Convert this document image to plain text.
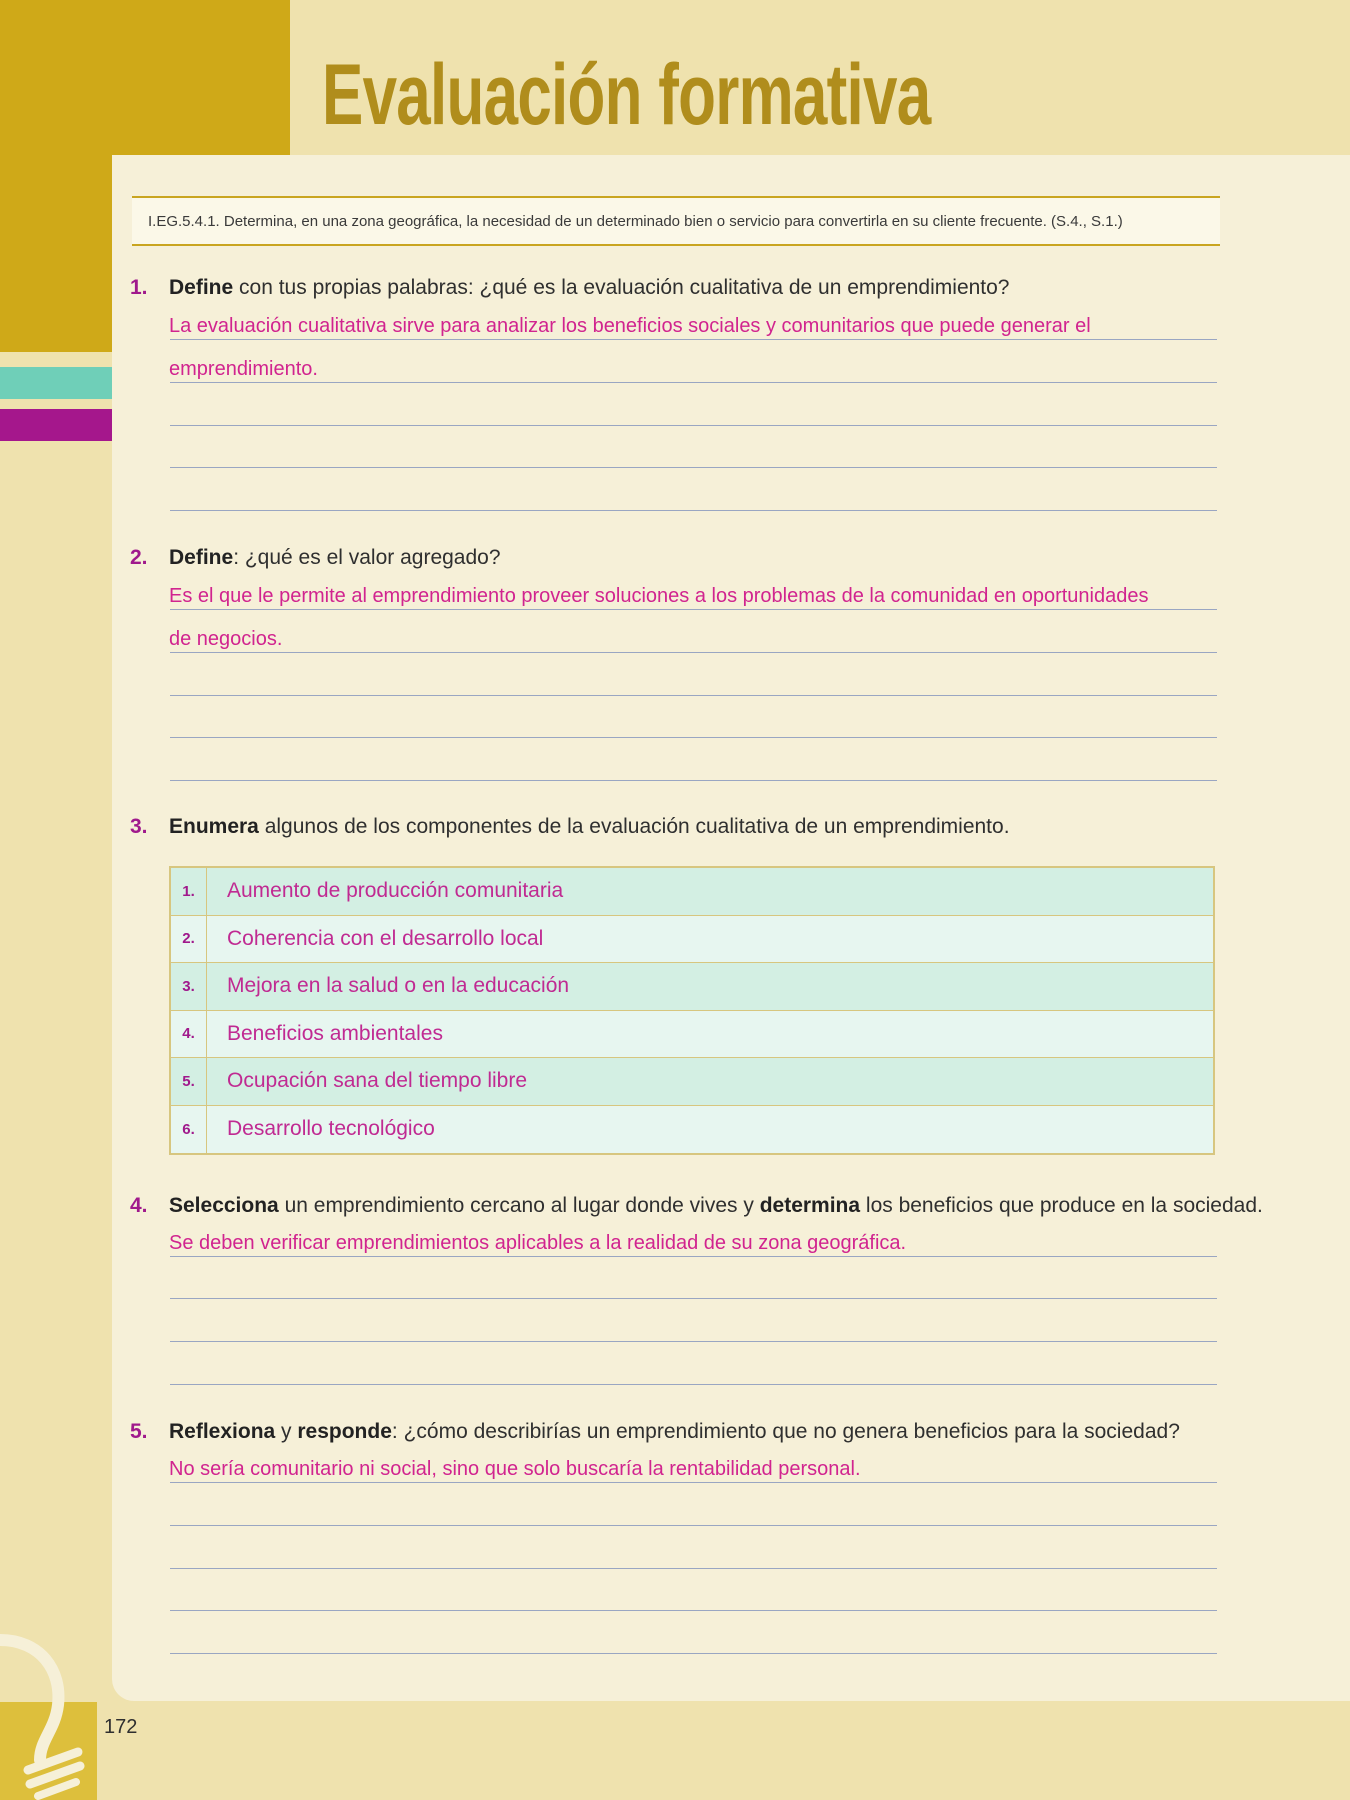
Evaluación formativa
I.EG.5.4.1. Determina, en una zona geográfica, la necesidad de un determinado bien o servicio para convertirla en su cliente frecuente. (S.4., S.1.)
1. Define con tus propias palabras: ¿qué es la evaluación cualitativa de un emprendimiento?
La evaluación cualitativa sirve para analizar los beneficios sociales y comunitarios que puede generar el
emprendimiento.
2. Define: ¿qué es el valor agregado?
Es el que le permite al emprendimiento proveer soluciones a los problemas de la comunidad en oportunidades
de negocios.
3. Enumera algunos de los componentes de la evaluación cualitativa de un emprendimiento.
1.	Aumento de producción comunitaria
2.	Coherencia con el desarrollo local
3.	Mejora en la salud o en la educación
4.	Beneficios ambientales
5.	Ocupación sana del tiempo libre
6.	Desarrollo tecnológico
4. Selecciona un emprendimiento cercano al lugar donde vives y determina los beneficios que produce en la sociedad.
Se deben verificar emprendimientos aplicables a la realidad de su zona geográfica.
5. Reflexiona y responde: ¿cómo describirías un emprendimiento que no genera beneficios para la sociedad?
No sería comunitario ni social, sino que solo buscaría la rentabilidad personal.
172
